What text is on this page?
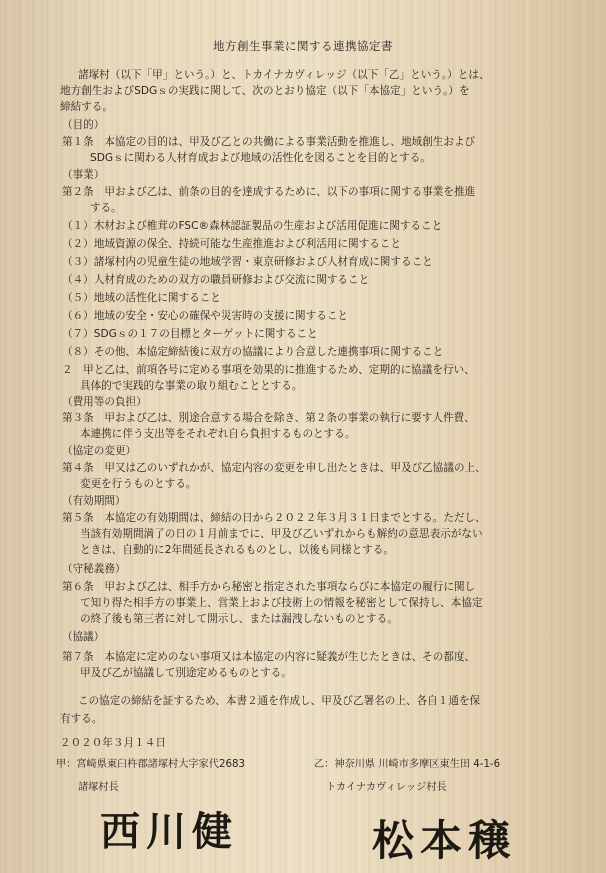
地方創生事業に関する連携協定書
諸塚村（以下「甲」という。）と、トカイナカヴィレッジ（以下「乙」という。）とは、
地方創生およびSDGｓの実践に関して、次のとおり協定（以下「本協定」という。）を
締結する。
（目的）
第１条　本協定の目的は、甲及び乙との共働による事業活動を推進し、地域創生および
SDGｓに関わる人材育成および地域の活性化を図ることを目的とする。
（事業）
第２条　甲および乙は、前条の目的を達成するために、以下の事項に関する事業を推進
する。
（１）木材および椎茸のFSC®森林認証製品の生産および活用促進に関すること
（２）地域資源の保全、持続可能な生産推進および利活用に関すること
（３）諸塚村内の児童生徒の地域学習・東京研修および人材育成に関すること
（４）人材育成のための双方の職員研修および交流に関すること
（５）地域の活性化に関すること
（６）地域の安全・安心の確保や災害時の支援に関すること
（７）SDGｓの１７の目標とターゲットに関すること
（８）その他、本協定締結後に双方の協議により合意した連携事項に関すること
２　甲と乙は、前項各号に定める事項を効果的に推進するため、定期的に協議を行い、
具体的で実践的な事業の取り組むこととする。
（費用等の負担）
第３条　甲および乙は、別途合意する場合を除き、第２条の事業の執行に要す人件費、
本連携に伴う支出等をそれぞれ自ら負担するものとする。
（協定の変更）
第４条　甲又は乙のいずれかが、協定内容の変更を申し出たときは、甲及び乙協議の上、
変更を行うものとする。
（有効期間）
第５条　本協定の有効期間は、締結の日から２０２２年３月３１日までとする。ただし、
当該有効期間満了の日の１月前までに、甲及び乙いずれからも解約の意思表示がない
ときは、自動的に2年間延長されるものとし、以後も同様とする。
（守秘義務）
第６条　甲および乙は、相手方から秘密と指定された事項ならびに本協定の履行に関し
て知り得た相手方の事業上、営業上および技術上の情報を秘密として保持し、本協定
の終了後も第三者に対して開示し、または漏洩しないものとする。
（協議）
第７条　本協定に定めのない事項又は本協定の内容に疑義が生じたときは、その都度、
甲及び乙が協議して別途定めるものとする。
この協定の締結を証するため、本書２通を作成し、甲及び乙署名の上、各自１通を保
有する。
２０２０年３月１４日
甲：宮崎県東臼杵郡諸塚村大字家代2683
諸塚村長
西川健
乙：神奈川県 川崎市多摩区東生田 4-1-6
トカイナカヴィレッジ村長
松本穣
